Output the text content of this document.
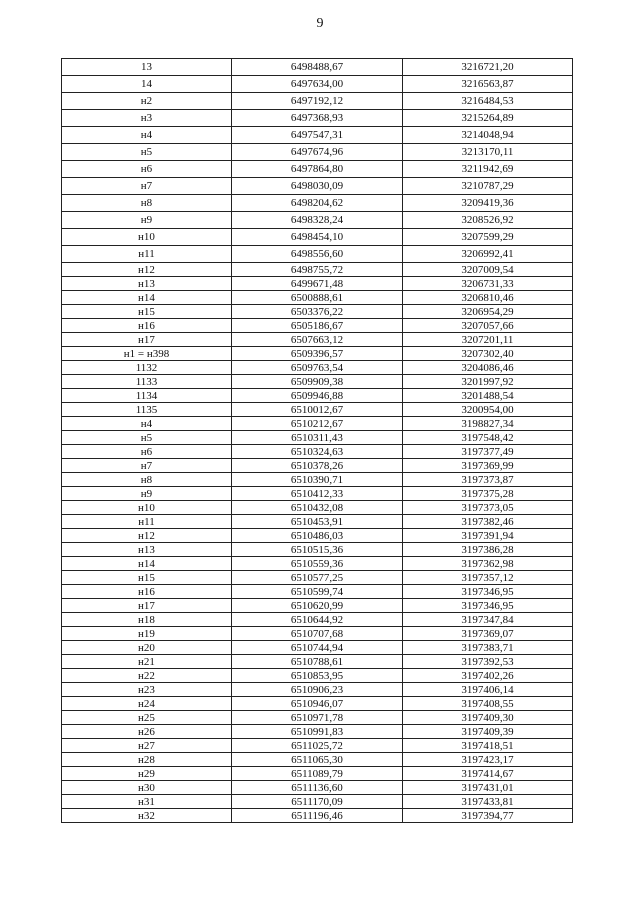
9
13	6498488,67	3216721,20
14	6497634,00	3216563,87
н2	6497192,12	3216484,53
н3	6497368,93	3215264,89
н4	6497547,31	3214048,94
н5	6497674,96	3213170,11
н6	6497864,80	3211942,69
н7	6498030,09	3210787,29
н8	6498204,62	3209419,36
н9	6498328,24	3208526,92
н10	6498454,10	3207599,29
н11	6498556,60	3206992,41
н12	6498755,72	3207009,54
н13	6499671,48	3206731,33
н14	6500888,61	3206810,46
н15	6503376,22	3206954,29
н16	6505186,67	3207057,66
н17	6507663,12	3207201,11
н1 = н398	6509396,57	3207302,40
1132	6509763,54	3204086,46
1133	6509909,38	3201997,92
1134	6509946,88	3201488,54
1135	6510012,67	3200954,00
н4	6510212,67	3198827,34
н5	6510311,43	3197548,42
н6	6510324,63	3197377,49
н7	6510378,26	3197369,99
н8	6510390,71	3197373,87
н9	6510412,33	3197375,28
н10	6510432,08	3197373,05
н11	6510453,91	3197382,46
н12	6510486,03	3197391,94
н13	6510515,36	3197386,28
н14	6510559,36	3197362,98
н15	6510577,25	3197357,12
н16	6510599,74	3197346,95
н17	6510620,99	3197346,95
н18	6510644,92	3197347,84
н19	6510707,68	3197369,07
н20	6510744,94	3197383,71
н21	6510788,61	3197392,53
н22	6510853,95	3197402,26
н23	6510906,23	3197406,14
н24	6510946,07	3197408,55
н25	6510971,78	3197409,30
н26	6510991,83	3197409,39
н27	6511025,72	3197418,51
н28	6511065,30	3197423,17
н29	6511089,79	3197414,67
н30	6511136,60	3197431,01
н31	6511170,09	3197433,81
н32	6511196,46	3197394,77
